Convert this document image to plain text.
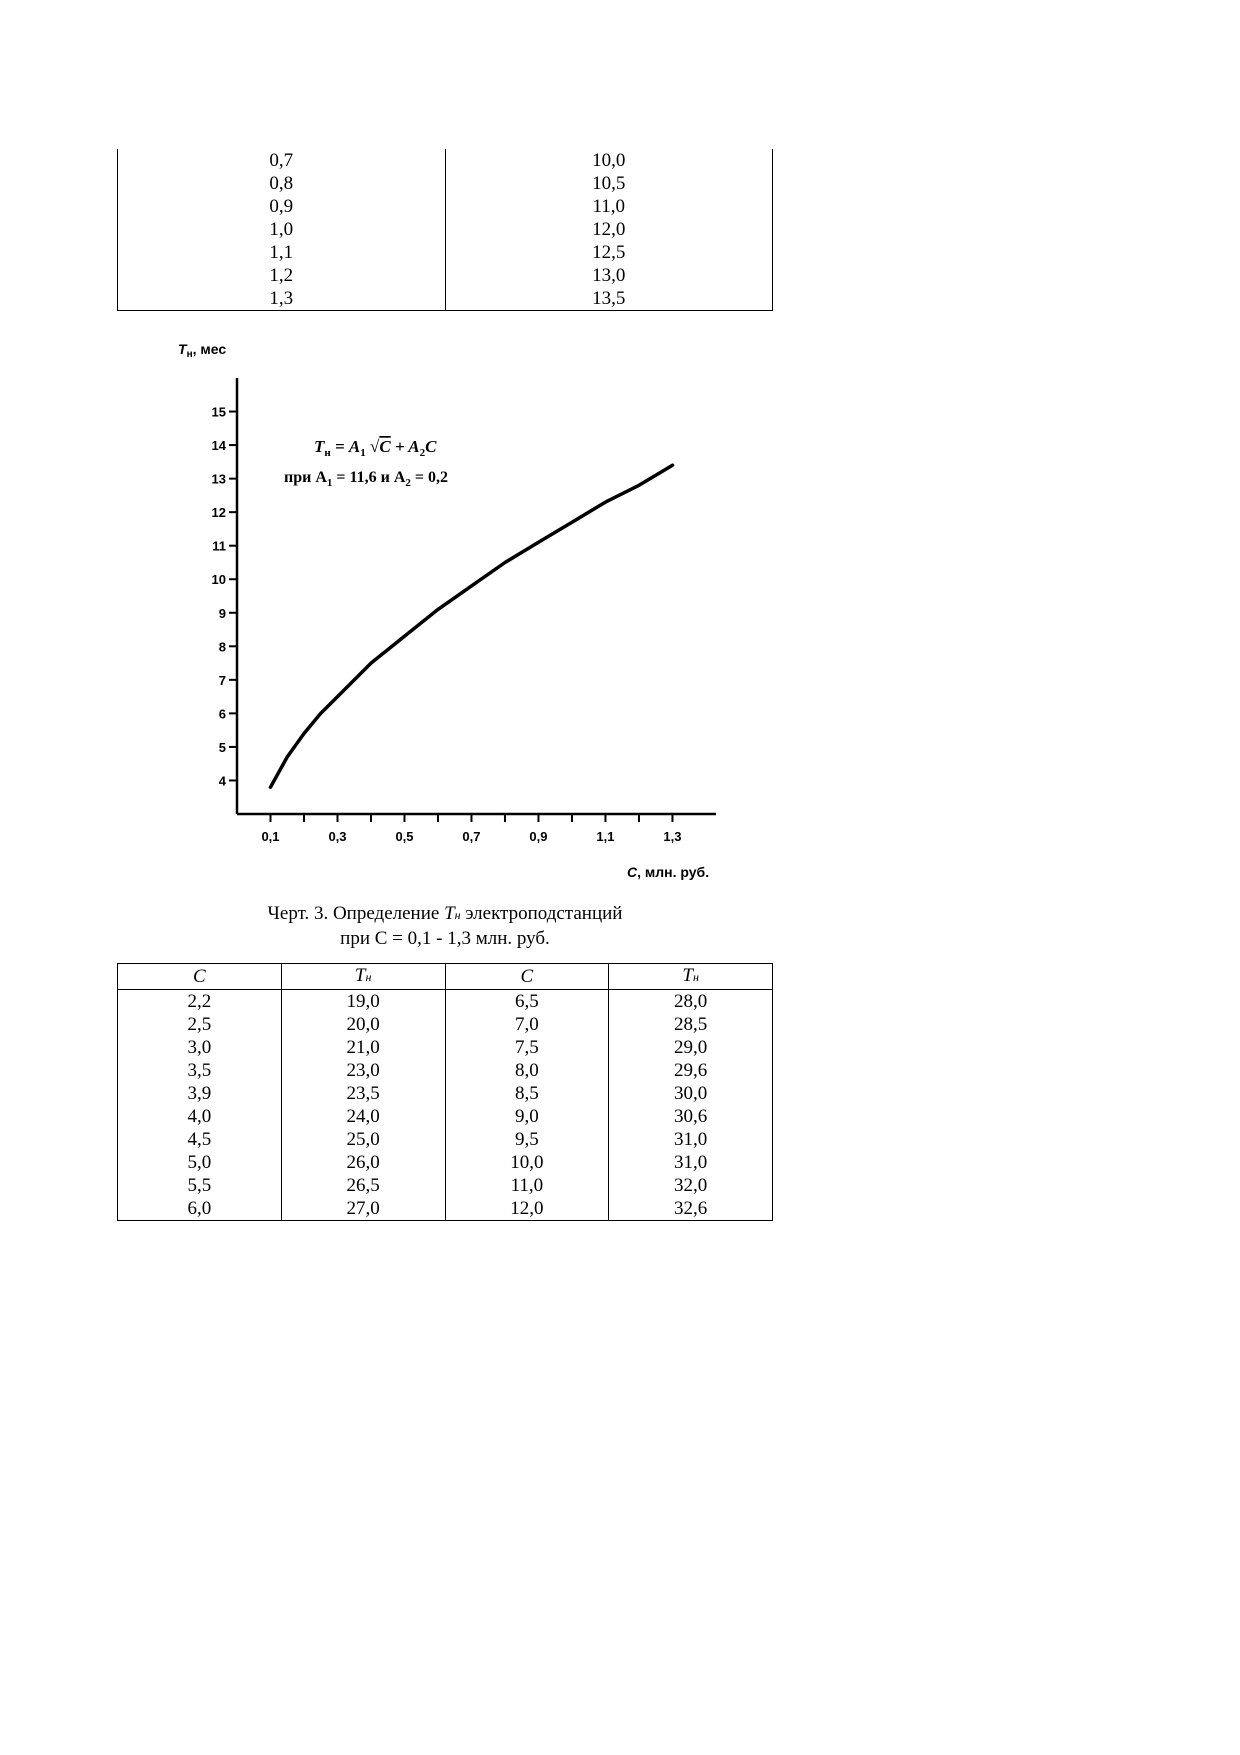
0,7	10,0
0,8	10,5
0,9	11,0
1,0	12,0
1,1	12,5
1,2	13,0
1,3	13,5
$T_н$, мес
4
5
6
7
8
9
10
11
12
13
14
15
0,1	0,3	0,5	0,7	0,9	1,1	1,3
C, млн. руб.
$T_н = A_1$ $√C + A_2C$
при $A_1 = 11,6$ и $A_2 = 0,2$
Черт. 3. Определение Tн электроподстанций
при С = 0,1 - 1,3 млн. руб.
C	Tн	C	Tн
2,2	19,0	6,5	28,0
2,5	20,0	7,0	28,5
3,0	21,0	7,5	29,0
3,5	23,0	8,0	29,6
3,9	23,5	8,5	30,0
4,0	24,0	9,0	30,6
4,5	25,0	9,5	31,0
5,0	26,0	10,0	31,0
5,5	26,5	11,0	32,0
6,0	27,0	12,0	32,6
